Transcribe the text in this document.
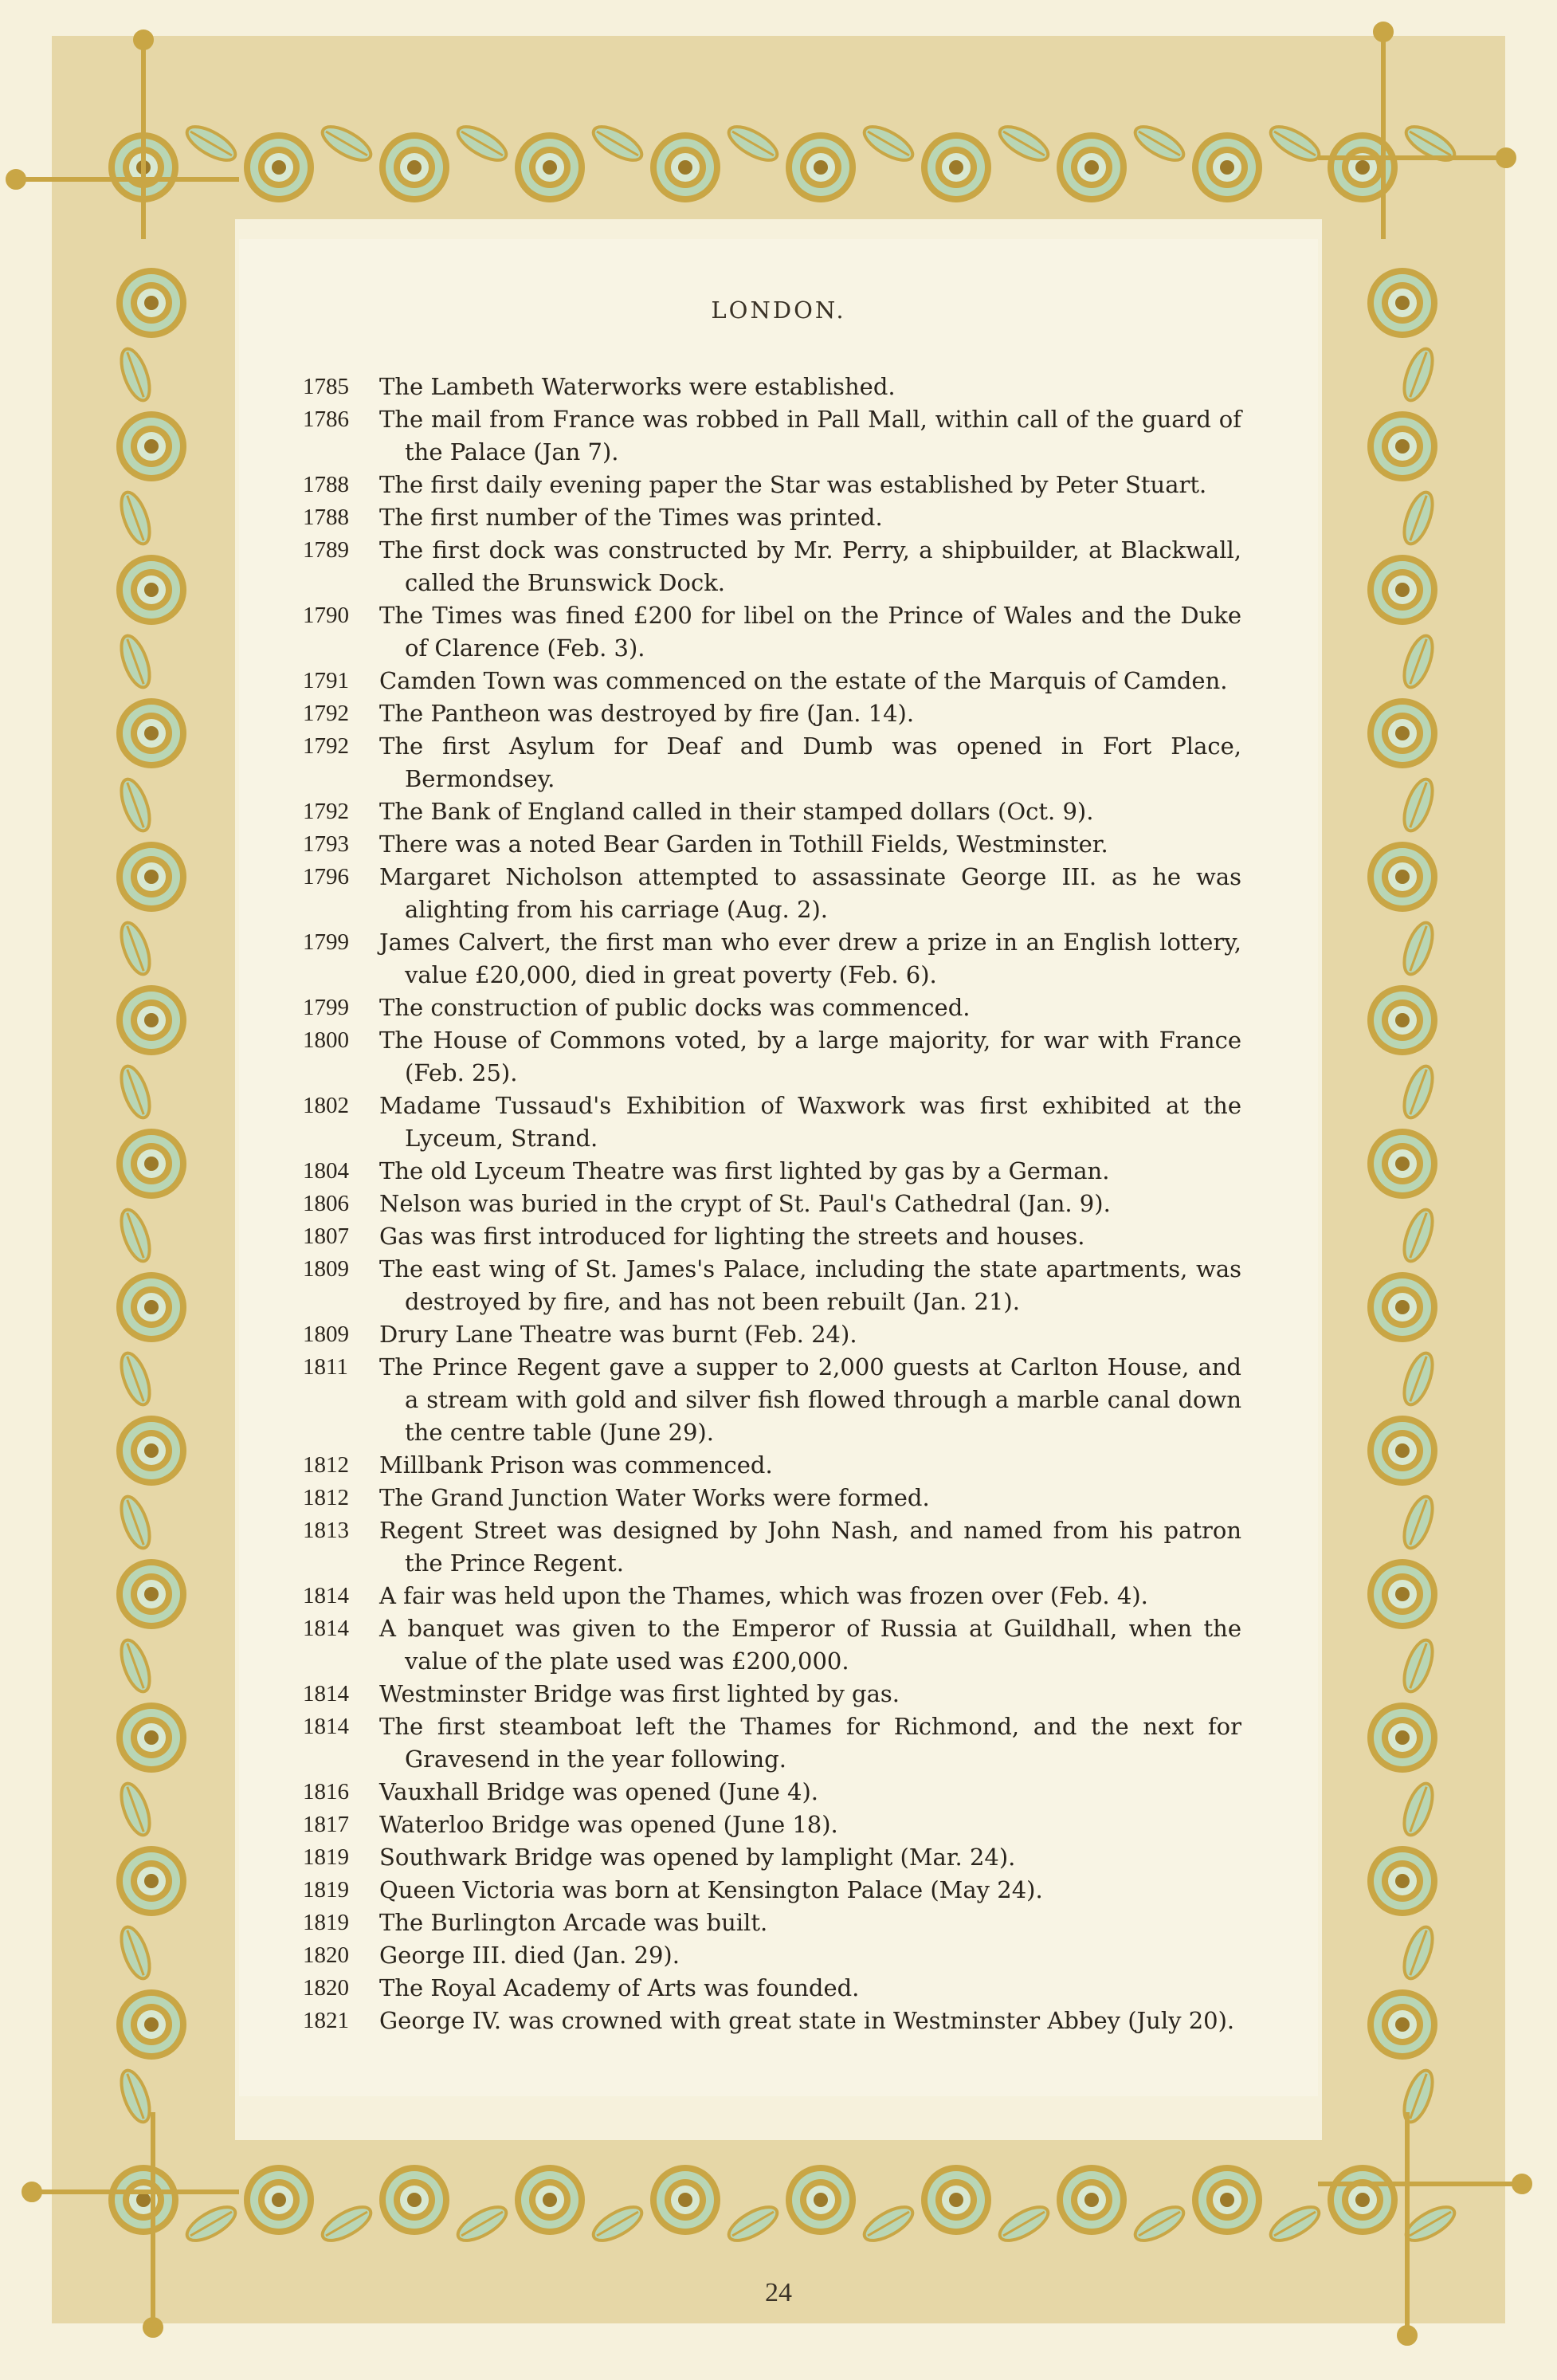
LONDON.
1785	The Lambeth Waterworks were established.
1786	The mail from France was robbed in Pall Mall, within call of the guard of the Palace (Jan 7).
1788	The first daily evening paper the Star was established by Peter Stuart.
1788	The first number of the Times was printed.
1789	The first dock was constructed by Mr. Perry, a shipbuilder, at Blackwall, called the Brunswick Dock.
1790	The Times was fined £200 for libel on the Prince of Wales and the Duke of Clarence (Feb. 3).
1791	Camden Town was commenced on the estate of the Marquis of Camden.
1792	The Pantheon was destroyed by fire (Jan. 14).
1792	The first Asylum for Deaf and Dumb was opened in Fort Place, Bermondsey.
1792	The Bank of England called in their stamped dollars (Oct. 9).
1793	There was a noted Bear Garden in Tothill Fields, Westminster.
1796	Margaret Nicholson attempted to assassinate George III. as he was alighting from his carriage (Aug. 2).
1799	James Calvert, the first man who ever drew a prize in an English lottery, value £20,000, died in great poverty (Feb. 6).
1799	The construction of public docks was commenced.
1800	The House of Commons voted, by a large majority, for war with France (Feb. 25).
1802	Madame Tussaud's Exhibition of Waxwork was first exhibited at the Lyceum, Strand.
1804	The old Lyceum Theatre was first lighted by gas by a German.
1806	Nelson was buried in the crypt of St. Paul's Cathedral (Jan. 9).
1807	Gas was first introduced for lighting the streets and houses.
1809	The east wing of St. James's Palace, including the state apartments, was destroyed by fire, and has not been rebuilt (Jan. 21).
1809	Drury Lane Theatre was burnt (Feb. 24).
1811	The Prince Regent gave a supper to 2,000 guests at Carlton House, and a stream with gold and silver fish flowed through a marble canal down the centre table (June 29).
1812	Millbank Prison was commenced.
1812	The Grand Junction Water Works were formed.
1813	Regent Street was designed by John Nash, and named from his patron the Prince Regent.
1814	A fair was held upon the Thames, which was frozen over (Feb. 4).
1814	A banquet was given to the Emperor of Russia at Guildhall, when the value of the plate used was £200,000.
1814	Westminster Bridge was first lighted by gas.
1814	The first steamboat left the Thames for Richmond, and the next for Gravesend in the year following.
1816	Vauxhall Bridge was opened (June 4).
1817	Waterloo Bridge was opened (June 18).
1819	Southwark Bridge was opened by lamplight (Mar. 24).
1819	Queen Victoria was born at Kensington Palace (May 24).
1819	The Burlington Arcade was built.
1820	George III. died (Jan. 29).
1820	The Royal Academy of Arts was founded.
1821	George IV. was crowned with great state in Westminster Abbey (July 20).
24
